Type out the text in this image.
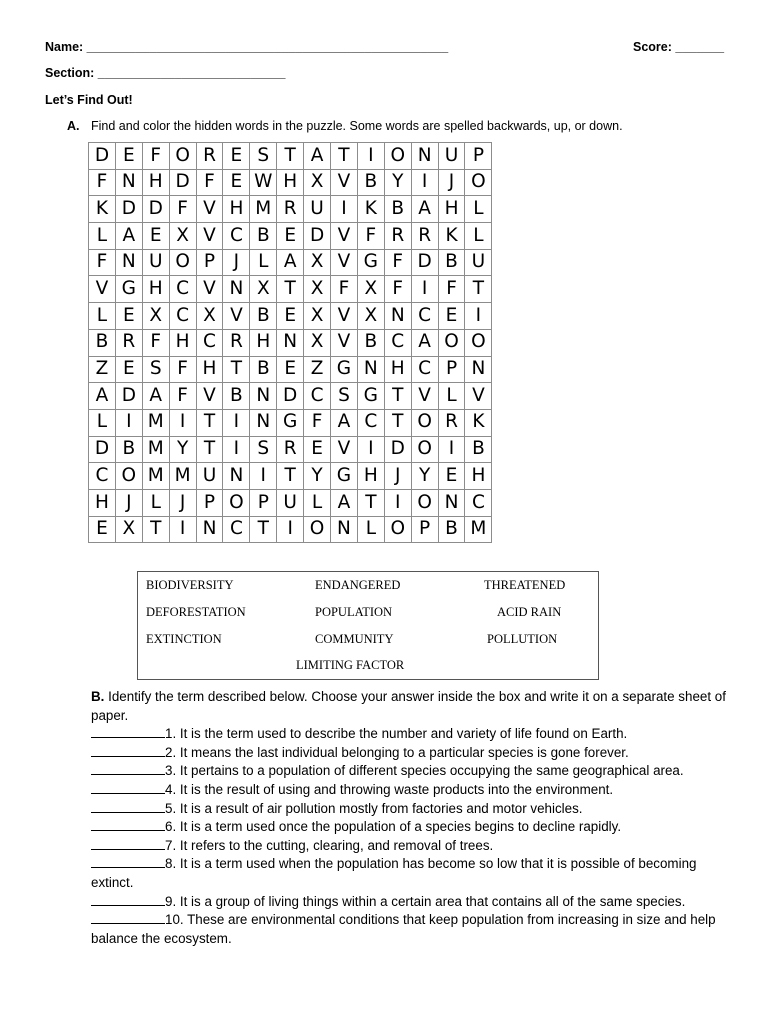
Name: ____________________________________________________	Score: _______
Section: ___________________________
Let’s Find Out!
A. Find and color the hidden words in the puzzle. Some words are spelled backwards, up, or down.
D	E	F	O	R	E	S	T	A	T	I	O	N	U	P
F	N	H	D	F	E	W	H	X	V	B	Y	I	J	O
K	D	D	F	V	H	M	R	U	I	K	B	A	H	L
L	A	E	X	V	C	B	E	D	V	F	R	R	K	L
F	N	U	O	P	J	L	A	X	V	G	F	D	B	U
V	G	H	C	V	N	X	T	X	F	X	F	I	F	T
L	E	X	C	X	V	B	E	X	V	X	N	C	E	I
B	R	F	H	C	R	H	N	X	V	B	C	A	O	O
Z	E	S	F	H	T	B	E	Z	G	N	H	C	P	N
A	D	A	F	V	B	N	D	C	S	G	T	V	L	V
L	I	M	I	T	I	N	G	F	A	C	T	O	R	K
D	B	M	Y	T	I	S	R	E	V	I	D	O	I	B
C	O	M	M	U	N	I	T	Y	G	H	J	Y	E	H
H	J	L	J	P	O	P	U	L	A	T	I	O	N	C
E	X	T	I	N	C	T	I	O	N	L	O	P	B	M
BIODIVERSITY	ENDANGERED	THREATENED
DEFORESTATION	POPULATION	ACID RAIN
EXTINCTION	COMMUNITY	POLLUTION
LIMITING FACTOR
B. Identify the term described below. Choose your answer inside the box and write it on a separate sheet of paper.
1. It is the term used to describe the number and variety of life found on Earth.
2. It means the last individual belonging to a particular species is gone forever.
3. It pertains to a population of different species occupying the same geographical area.
4. It is the result of using and throwing waste products into the environment.
5. It is a result of air pollution mostly from factories and motor vehicles.
6. It is a term used once the population of a species begins to decline rapidly.
7. It refers to the cutting, clearing, and removal of trees.
8. It is a term used when the population has become so low that it is possible of becoming extinct.
9. It is a group of living things within a certain area that contains all of the same species.
10. These are environmental conditions that keep population from increasing in size and help balance the ecosystem.
